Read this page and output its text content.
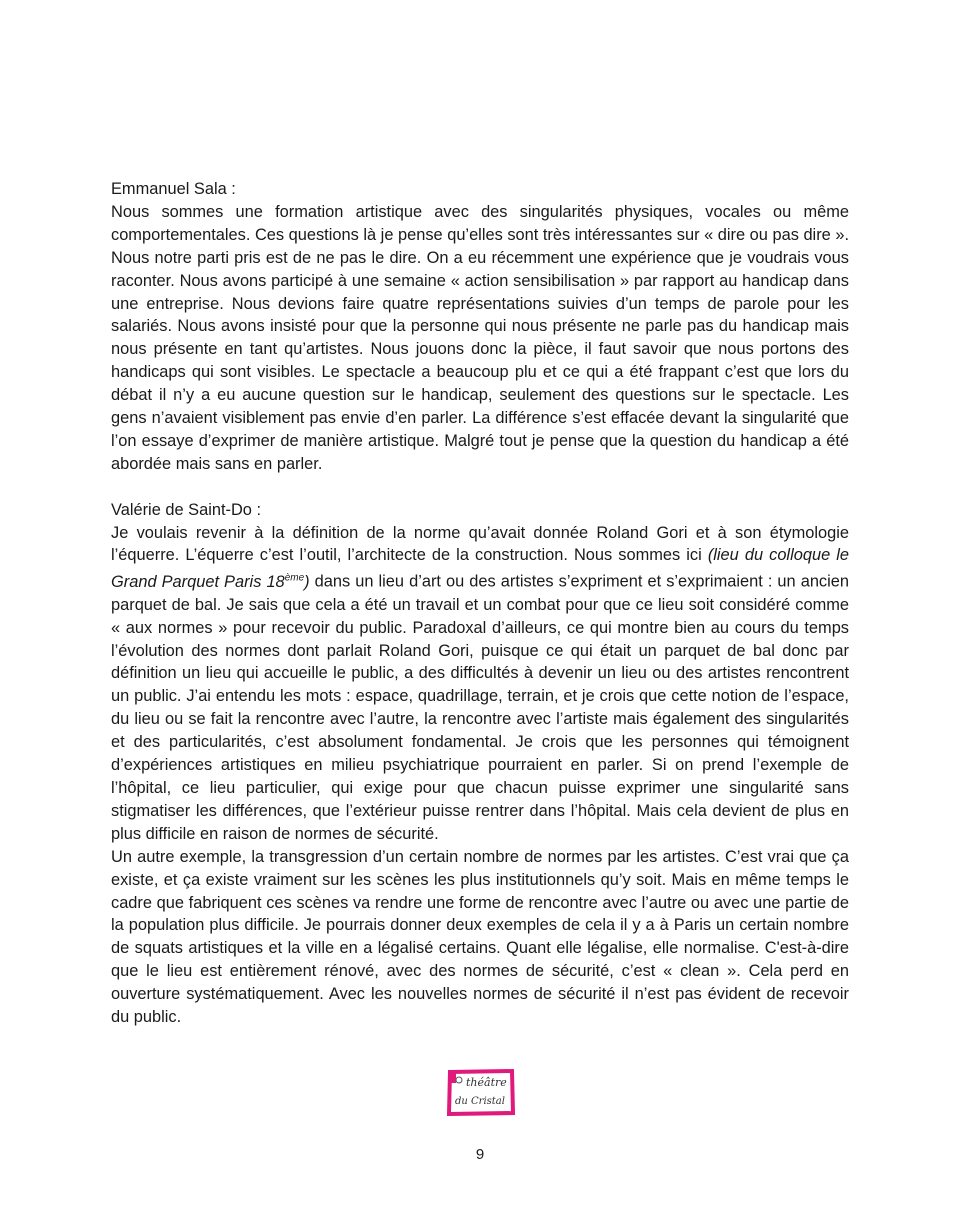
Emmanuel Sala :

Nous sommes une formation artistique avec des singularités physiques, vocales ou même comportementales. Ces questions là je pense qu’elles sont très intéressantes sur « dire ou pas dire ». Nous notre parti pris est de ne pas le dire. On a eu récemment une expérience que je voudrais vous raconter. Nous avons participé à une semaine « action sensibilisation » par rapport au handicap dans une entreprise. Nous devions faire quatre représentations suivies d’un temps de parole pour les salariés. Nous avons insisté pour que la personne qui nous présente ne parle pas du handicap mais nous présente en tant qu’artistes. Nous jouons donc la pièce, il faut savoir que nous portons des handicaps qui sont visibles. Le spectacle a beaucoup plu et ce qui a été frappant c’est que lors du débat il n’y a eu aucune question sur le handicap, seulement des questions sur le spectacle. Les gens n’avaient visiblement pas envie d’en parler. La différence s’est effacée devant la singularité que l’on essaye d’exprimer de manière artistique. Malgré tout je pense que la question du handicap a été abordée mais sans en parler.

Valérie de Saint-Do :

Je voulais revenir à la définition de la norme qu’avait donnée Roland Gori et à son étymologie l’équerre. L’équerre c’est l’outil, l’architecte de la construction. Nous sommes ici (lieu du colloque le Grand Parquet Paris 18ème) dans un lieu d’art ou des artistes s’expriment et s’exprimaient : un ancien parquet de bal. Je sais que cela a été un travail et un combat pour que ce lieu soit considéré comme « aux normes » pour recevoir du public. Paradoxal d’ailleurs, ce qui montre bien au cours du temps l’évolution des normes dont parlait Roland Gori, puisque ce qui était un parquet de bal donc par définition un lieu qui accueille le public, a des difficultés à devenir un lieu ou des artistes rencontrent un public. J’ai entendu les mots : espace, quadrillage, terrain, et je crois que cette notion de l’espace, du lieu ou se fait la rencontre avec l’autre, la rencontre avec l’artiste mais également des singularités et des particularités, c’est absolument fondamental. Je crois que les personnes qui témoignent d’expériences artistiques en milieu psychiatrique pourraient en parler. Si on prend l’exemple de l’hôpital, ce lieu particulier, qui exige pour que chacun puisse exprimer une singularité sans stigmatiser les différences, que l’extérieur puisse rentrer dans l’hôpital. Mais cela devient de plus en plus difficile en raison de normes de sécurité.

Un autre exemple, la transgression d’un certain nombre de normes par les artistes. C’est vrai que ça existe, et ça existe vraiment sur les scènes les plus institutionnels qu’y soit. Mais en même temps le cadre que fabriquent ces scènes va rendre une forme de rencontre avec l’autre ou avec une partie de la population plus difficile. Je pourrais donner deux exemples de cela il y a à Paris un certain nombre de squats artistiques et la ville en a légalisé certains. Quant elle légalise, elle normalise. C'est-à-dire que le lieu est entièrement rénové, avec des normes de sécurité, c’est « clean ». Cela perd en ouverture systématiquement. Avec les nouvelles normes de sécurité il n’est pas évident de recevoir du public.

théâtre
du Cristal
9
